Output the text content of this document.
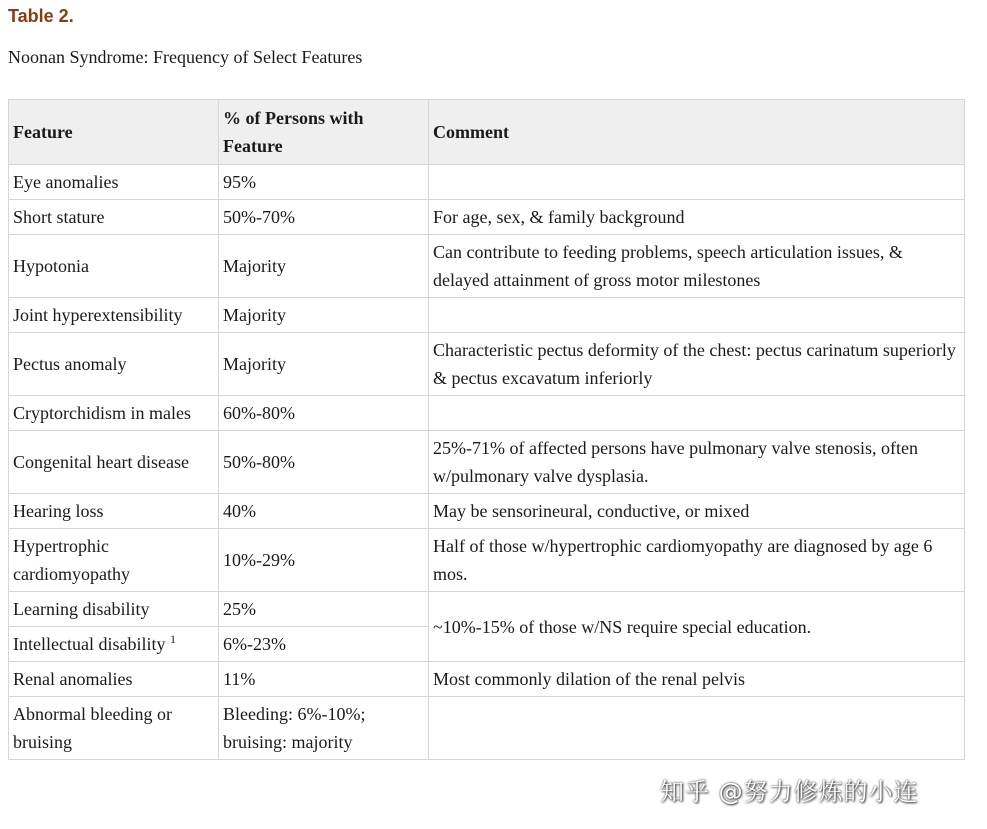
Table 2.
Noonan Syndrome: Frequency of Select Features
Feature	% of Persons with Feature	Comment
Eye anomalies	95%	
Short stature	50%-70%	For age, sex, & family background
Hypotonia	Majority	Can contribute to feeding problems, speech articulation issues, & delayed attainment of gross motor milestones
Joint hyperextensibility	Majority	
Pectus anomaly	Majority	Characteristic pectus deformity of the chest: pectus carinatum superiorly & pectus excavatum inferiorly
Cryptorchidism in males	60%-80%	
Congenital heart disease	50%-80%	25%-71% of affected persons have pulmonary valve stenosis, often w/pulmonary valve dysplasia.
Hearing loss	40%	May be sensorineural, conductive, or mixed
Hypertrophic cardiomyopathy	10%-29%	Half of those w/hypertrophic cardiomyopathy are diagnosed by age 6 mos.
Learning disability	25%	~10%-15% of those w/NS require special education.
Intellectual disability $^1$	6%-23%	
Renal anomalies	11%	Most commonly dilation of the renal pelvis
Abnormal bleeding or bruising	Bleeding: 6%-10%; bruising: majority	
知乎 @努力修炼的小连
